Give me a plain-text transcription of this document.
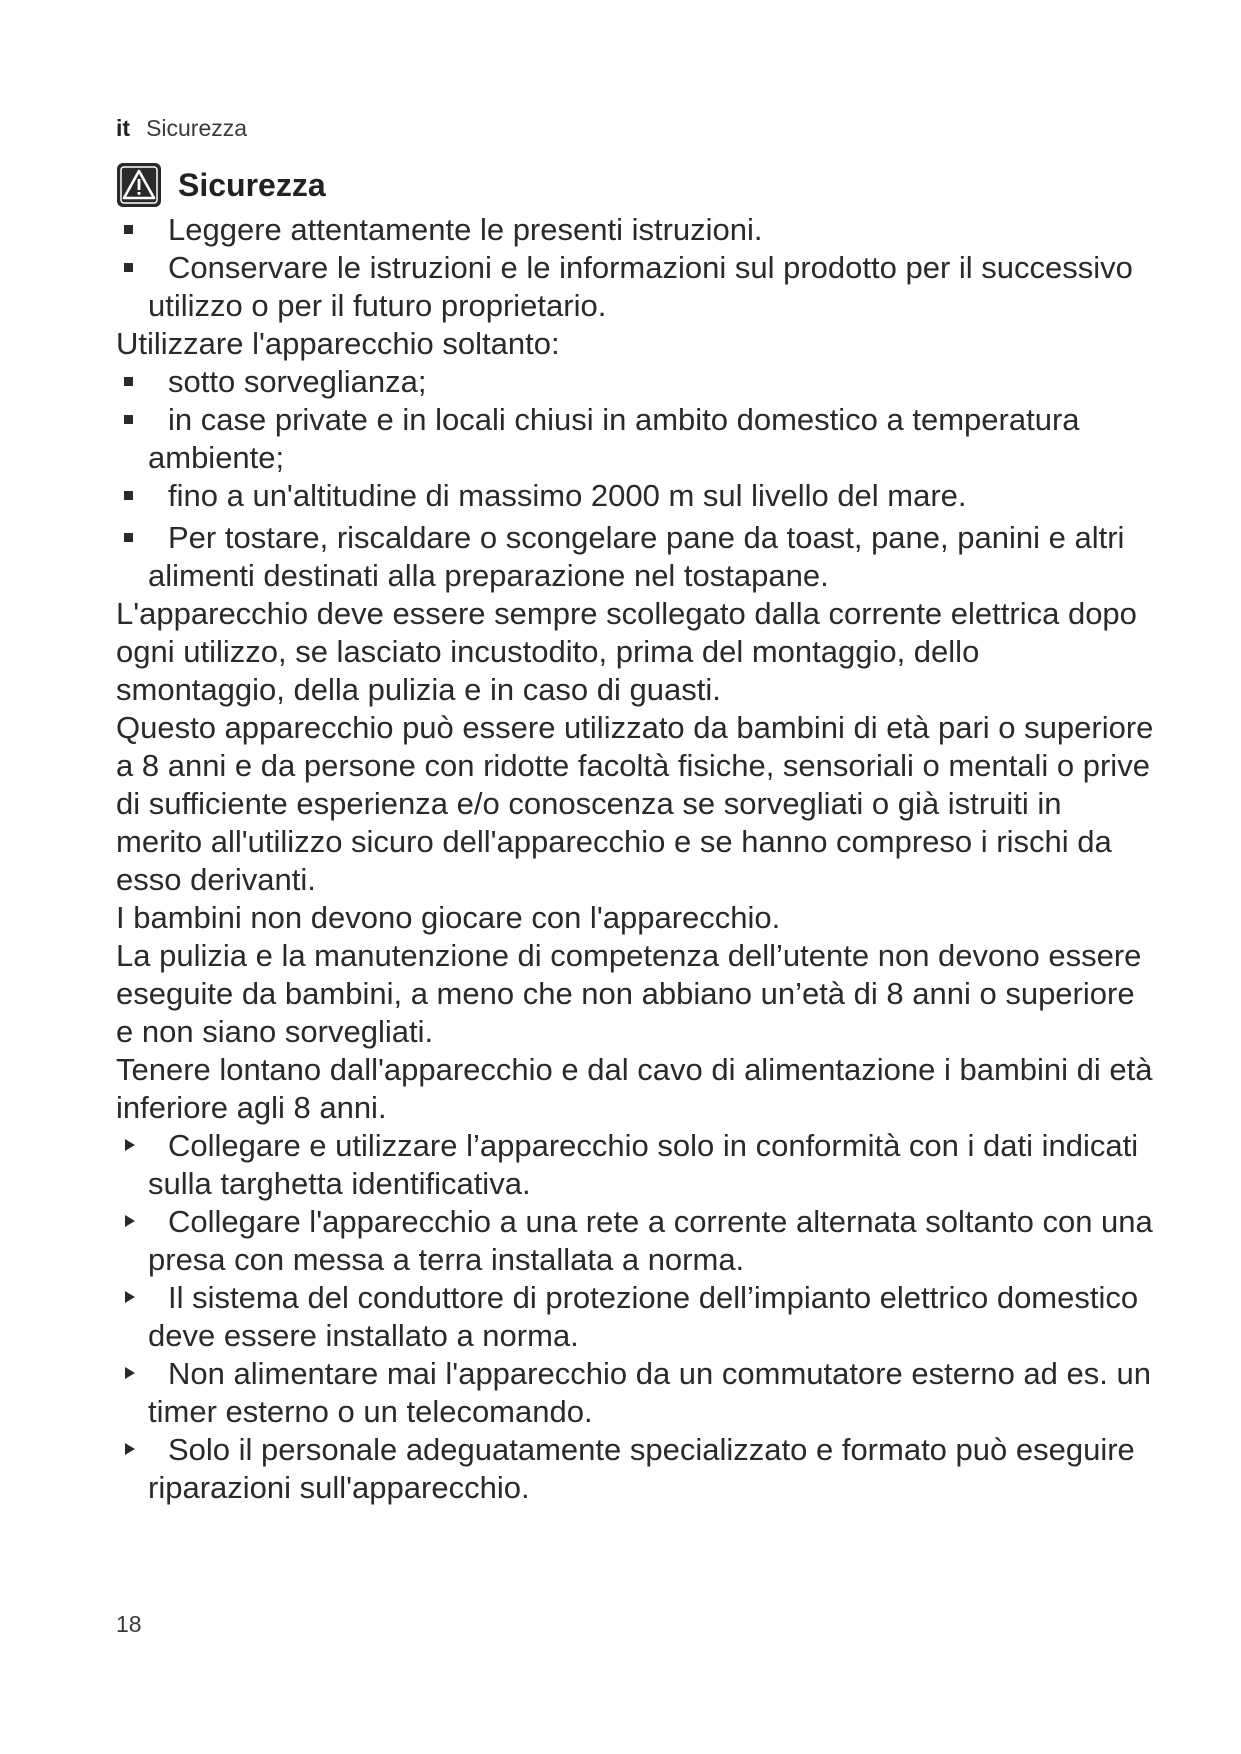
it Sicurezza
Sicurezza
Leggere attentamente le presenti istruzioni.
Conservare le istruzioni e le informazioni sul prodotto per il successivo utilizzo o per il futuro proprietario.

Utilizzare l'apparecchio soltanto:

sotto sorveglianza;
in case private e in locali chiusi in ambito domestico a temperatura ambiente;
fino a un'altitudine di massimo 2000 m sul livello del mare.
Per tostare, riscaldare o scongelare pane da toast, pane, panini e altri alimenti destinati alla preparazione nel tostapane.

L'apparecchio deve essere sempre scollegato dalla corrente elettrica dopo ogni utilizzo, se lasciato incustodito, prima del montaggio, dello smontaggio, della pulizia e in caso di guasti.

Questo apparecchio può essere utilizzato da bambini di età pari o superiore a 8 anni e da persone con ridotte facoltà fisiche, sensoriali o mentali o prive di sufficiente esperienza e/o conoscenza se sorvegliati o già istruiti in merito all'utilizzo sicuro dell'apparecchio e se hanno compreso i rischi da esso derivanti.

I bambini non devono giocare con l'apparecchio.

La pulizia e la manutenzione di competenza dell’utente non devono essere eseguite da bambini, a meno che non abbiano un’età di 8 anni o superiore e non siano sorvegliati.

Tenere lontano dall'apparecchio e dal cavo di alimentazione i bambini di età inferiore agli 8 anni.

Collegare e utilizzare l’apparecchio solo in conformità con i dati indicati sulla targhetta identificativa.
Collegare l'apparecchio a una rete a corrente alternata soltanto con una presa con messa a terra installata a norma.
Il sistema del conduttore di protezione dell’impianto elettrico domestico deve essere installato a norma.
Non alimentare mai l'apparecchio da un commutatore esterno ad es. un timer esterno o un telecomando.
Solo il personale adeguatamente specializzato e formato può eseguire riparazioni sull'apparecchio.
18
